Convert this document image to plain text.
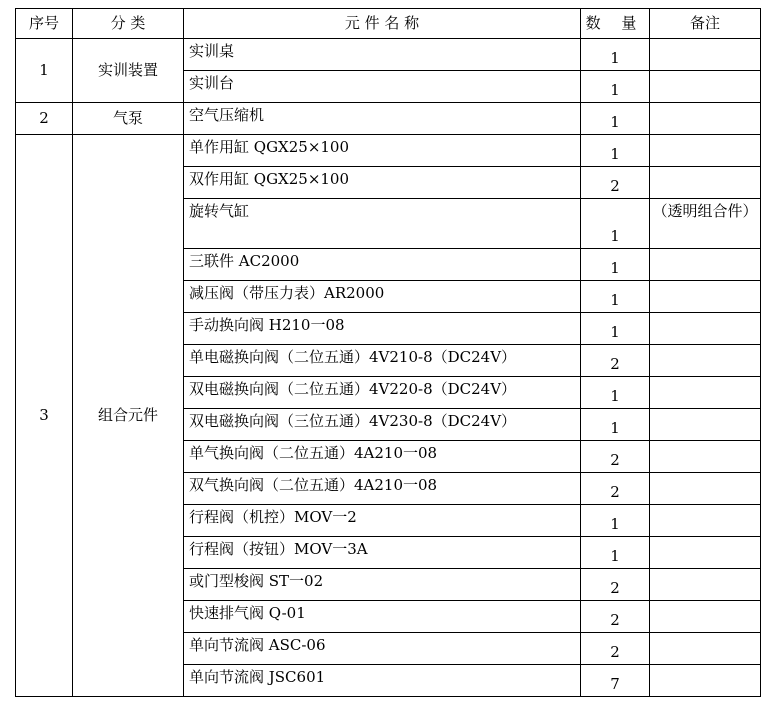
序号	分 类	元 件 名 称	数 量	备注
1	实训装置	实训桌	1	
		实训台	1	
2	气泵	空气压缩机	1	
3	组合元件	单作用缸 QGX25×100	1	
		双作用缸 QGX25×100	2	
		旋转气缸	1	（透明组合件）
		三联件 AC2000	1	
		减压阀（带压力表）AR2000	1	
		手动换向阀 H210一08	1	
		单电磁换向阀（二位五通）4V210-8（DC24V）	2	
		双电磁换向阀（二位五通）4V220-8（DC24V）	1	
		双电磁换向阀（三位五通）4V230-8（DC24V）	1	
		单气换向阀（二位五通）4A210一08	2	
		双气换向阀（二位五通）4A210一08	2	
		行程阀（机控）MOV一2	1	
		行程阀（按钮）MOV一3A	1	
		或门型梭阀 ST一02	2	
		快速排气阀 Q-01	2	
		单向节流阀 ASC-06	2	
		单向节流阀 JSC601	7	
